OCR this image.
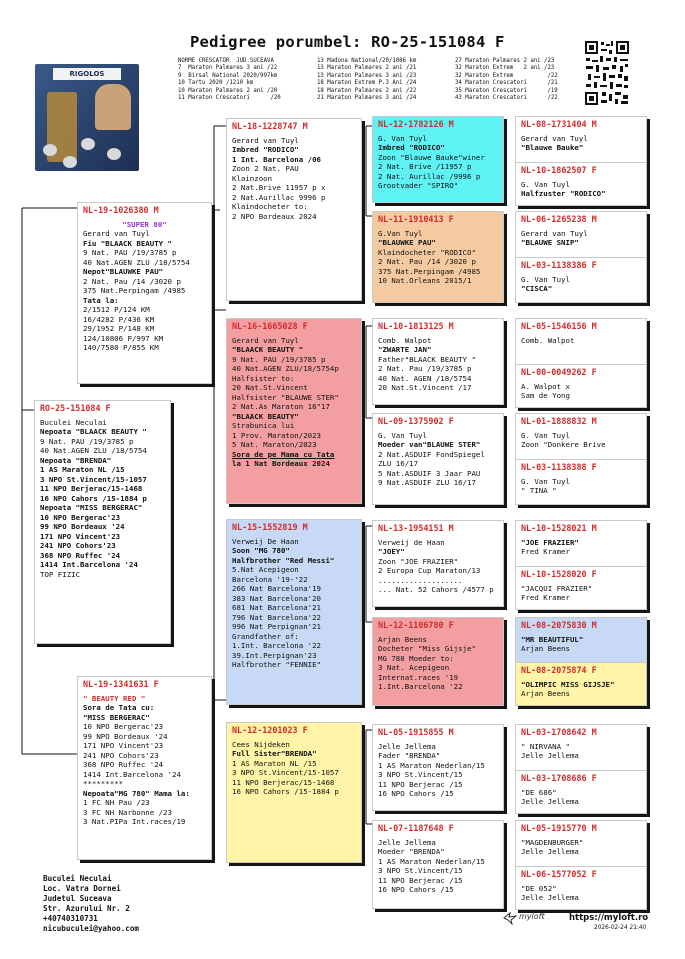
Pedigree porumbel: RO-25-151084 F
NORME CRESCATOR  JUD.SUCEAVA
7  Maraton Palmares 3 ani /22
9  Birsal National 2020/997km
10 Tartu 2020 /1210 km
10 Maraton Palmares 2 ani /20
11 Maraton Crescatori      /20
13 Madona National/20/1086 km
13 Maraton Palmares 2 ani /21
13 Maraton Palmares 3 ani /23
18 Maraton Extrem P.3 Ani /24
18 Maraton Palmares 2 ani /22
21 Maraton Palmares 3 ani /24
27 Maraton Palmares 2 ani /23
32 Maraton Extrem   2 ani /23
32 Maraton Extrem          /22
34 Maraton Crescatori      /21
35 Maraton Crescatori      /19
43 Maraton Crescatori      /22
RIGOLOS
RO-25-151084 F
Buculei Neculai
Nepoata "BLAACK BEAUTY "
9 Nat. PAU /19/3785 p
40 Nat.AGEN ZLU /18/5754
Nepoata "BRENDA"
1 AS Maraton NL /15
3 NPO St.Vincent/15-1057
11 NPO Berjerac/15-1468
16 NPO Cahors /15-1884 p
Nepoata "MISS BERGERAC"
10 NPO Bergerac'23
99 NPO Bordeaux '24
171 NPO Vincent'23
241 NPO Cohors'23
368 NPO Ruffec '24
1414 Int.Barcelona '24
TOP FIZIC
NL-19-1026380 M
"SUPER 80"
Gerard van Tuyl
Fiu "BLAACK BEAUTY "
9 Nat. PAU /19/3785 p
40 Nat.AGEN ZLU /18/5754
Nepot"BLAUWKE PAU"
2 Nat. Pau /14 /3020 p
375 Nat.Perpingam /4985
Tata la:
2/1512 P/124 KM
16/4282 P/436 KM
29/1952 P/148 KM
124/10806 P/997 KM
140/7580 P/855 KM
NL-19-1341631 F
" BEAUTY RED "
Sora de Tata cu:
"MISS BERGERAC"
10 NPO Bergerac'23
99 NPO Bordeaux '24
171 NPO Vincent'23
241 NPO Cohors'23
368 NPO Ruffec '24
1414 Int.Barcelona '24
*********
Nepoata"MG 780" Mama la:
1 FC NH Pau /23
3 FC NH Narbonne /23
3 Nat.PIPa Int.races/19
NL-18-1228747 M
Gerard van Tuyl
Imbred "RODICO"
1 Int. Barcelona /06
Zoon 2 Nat. PAU
Klainzoon
2 Nat.Brive 11957 p x
2 Nat.Aurillac 9996 p
Klaindocheter to:
2 NPO Bordeaux 2024
NL-16-1665028 F
Gerard van Tuyl
"BLAACK BEAUTY "
9 Nat. PAU /19/3785 p
40 Nat.AGEN ZLU/18/5754p
Halfsister to:
20 Nat.St.Vincent
Halfsister "BLAUWE STER"
2 Nat.As Maraton 16"17
"BLAACK BEAUTY"
Strabunica lui
1 Prov. Maraton/2023
5 Nat. Maraton/2023
Sora de pe Mama cu Tata
la 1 Nat Bordeaux 2024
NL-15-1552819 M
Verweij De Haan
Soon "MG 780"
Halfbrother "Red Messi"
5.Nat Acepigeon
Barcelona '19-'22
266 Nat Barcelona'19
383 Nat Barcelona'20
681 Nat Barcelona'21
796 Nat Barcelona'22
996 Nat Perpignan'21
Grandfather of:
1.Int. Barcelona '22
39.Int.Perpignan'23
Halfbrother "FENNIE"
NL-12-1201023 F
Cees Nijdeken
Full Sister"BRENDA"
1 AS Maraton NL /15
3 NPO St.Vincent/15-1057
11 NPO Berjerac/15-1468
16 NPO Cahors /15-1884 p
NL-12-1782126 M
G. Van Tuyl
Imbred "RODICO"
Zoon "Blauwe Bauke"winer
2 Nat. Brive /11957 p
2 Nat. Aurillac /9996 p
Grootvader "SPIRO"
NL-11-1910413 F
G.Van Tuyl
"BLAUWKE PAU"
Klaindocheter "RODICO"
2 Nat. Pau /14 /3020 p
375 Nat.Perpingam /4985
10 Nat.Orleans 2015/1
NL-10-1813125 M
Comb. Walpot
"ZWARTE JAN"
Father"BLAACK BEAUTY "
2 Nat. Pau /19/3785 p
40 Nat. AGEN /18/5754
20 Nat.St.Vincent /17
NL-09-1375902 F
G. Van Tuyl
Moeder van"BLAUWE STER"
2 Nat.ASDUIF FondSpiegel
ZLU 16/17
5 Nat.ASDUIF 3 Jaar PAU
9 Nat.ASDUIF ZLU 16/17
NL-13-1954151 M
Verweij de Haan
"JOEY"
Zoon "JOE FRAZIER"
2 Europa Cup Maraton/13
...................
... Nat. 52 Cahors /4577 p
NL-12-1106780 F
Arjan Beens
Docheter "Miss Gijsje"
MG 780 Moeder to:
3 Nat. Acepigeon
Internat.races '19
1.Int.Barcelona '22
NL-05-1915855 M
Jelle Jellema
Fader "BRENDA"
1 AS Maraton Nederlan/15
3 NPO St.Vincent/15
11 NPO Berjerac /15
16 NPO Cahors /15
NL-07-1187648 F
Jelle Jellema
Moeder "BRENDA"
1 AS Maraton Nederlan/15
3 NPO St.Vincent/15
11 NPO Berjerac /15
16 NPO Cahors /15
NL-08-1731404 M
Gerard van Tuyl
"Blauwe Bauke"
NL-10-1862507 F
G. Van Tuyl
Halfzuster "RODICO"
NL-06-1265238 M
Gerard van Tuyl
"BLAUWE SNIP"
NL-03-1138386 F
G. Van Tuyl
"CISCA"
NL-05-1546156 M
Comb. Walpot
NL-00-0049262 F
A. Walpot x
Sam de Yong
NL-01-1888832 M
G. Van Tuyl
Zoon "Donkere Brive
NL-03-1138388 F
G. Van Tuyl
" TINA "
NL-10-1528021 M
"JOE FRAZIER"
Fred Kramer
NL-10-1528020 F
"JACQUI FRAZIER"
Fred Kramer
NL-08-2075830 M
"MR BEAUTIFUL"
Arjan Beens
NL-08-2075874 F
"OLIMPIC MISS GIJSJE"
Arjan Beens
NL-03-1708642 M
" NIRVANA "
Jelle Jellema
NL-03-1708686 F
"DE 686"
Jelle Jellema
NL-05-1915770 M
"MAGDENBURGER"
Jelle Jellema
NL-06-1577052 F
"DE 052"
Jelle Jellema
Buculei Neculai
Loc. Vatra Dornei
Judetul Suceava
Str. Azurului Nr. 2
+40740310731
nicubuculei@yahoo.com
myloft	https://myloft.ro
2026-02-24 21:40
